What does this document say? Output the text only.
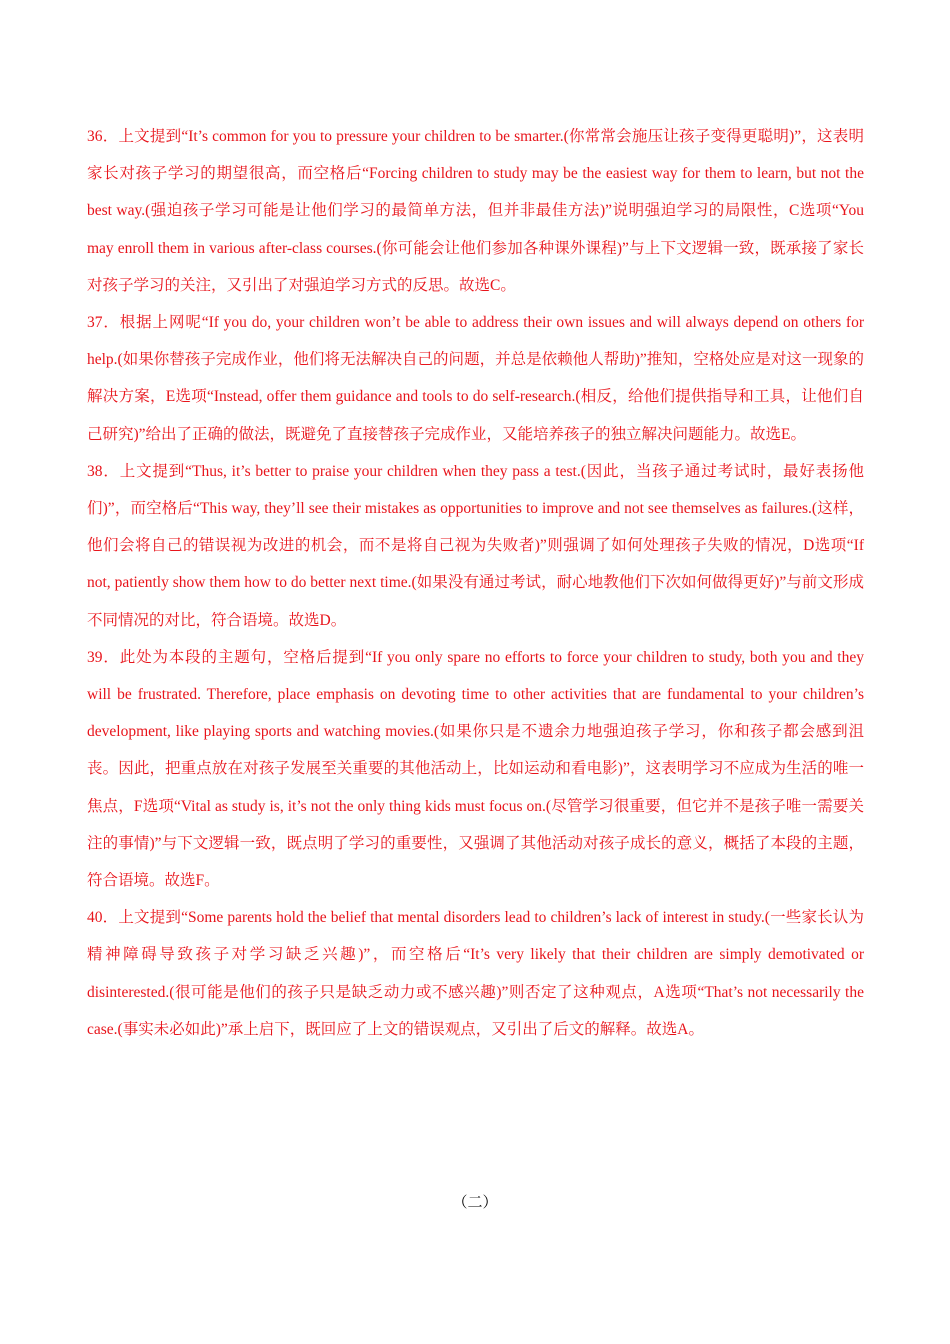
36．上文提到“It’s common for you to pressure your children to be smarter.(你常常会施压让孩子变得更聪明)”，这表明家长对孩子学习的期望很高，而空格后“Forcing children to study may be the easiest way for them to learn, but not the best way.(强迫孩子学习可能是让他们学习的最简单方法，但并非最佳方法)”说明强迫学习的局限性，C选项“You may enroll them in various after-class courses.(你可能会让他们参加各种课外课程)”与上下文逻辑一致，既承接了家长对孩子学习的关注，又引出了对强迫学习方式的反思。故选C。

37．根据上网呢“If you do, your children won’t be able to address their own issues and will always depend on others for help.(如果你替孩子完成作业，他们将无法解决自己的问题，并总是依赖他人帮助)”推知，空格处应是对这一现象的解决方案，E选项“Instead, offer them guidance and tools to do self-research.(相反，给他们提供指导和工具，让他们自己研究)”给出了正确的做法，既避免了直接替孩子完成作业，又能培养孩子的独立解决问题能力。故选E。

38．上文提到“Thus, it’s better to praise your children when they pass a test.(因此，当孩子通过考试时，最好表扬他们)”，而空格后“This way, they’ll see their mistakes as opportunities to improve and not see themselves as failures.(这样，他们会将自己的错误视为改进的机会，而不是将自己视为失败者)”则强调了如何处理孩子失败的情况，D选项“If not, patiently show them how to do better next time.(如果没有通过考试，耐心地教他们下次如何做得更好)”与前文形成不同情况的对比，符合语境。故选D。

39．此处为本段的主题句，空格后提到“If you only spare no efforts to force your children to study, both you and they will be frustrated. Therefore, place emphasis on devoting time to other activities that are fundamental to your children’s development, like playing sports and watching movies.(如果你只是不遗余力地强迫孩子学习，你和孩子都会感到沮丧。因此，把重点放在对孩子发展至关重要的其他活动上，比如运动和看电影)”，这表明学习不应成为生活的唯一焦点，F选项“Vital as study is, it’s not the only thing kids must focus on.(尽管学习很重要，但它并不是孩子唯一需要关注的事情)”与下文逻辑一致，既点明了学习的重要性，又强调了其他活动对孩子成长的意义，概括了本段的主题，符合语境。故选F。

40．上文提到“Some parents hold the belief that mental disorders lead to children’s lack of interest in study.(一些家长认为精神障碍导致孩子对学习缺乏兴趣)”，而空格后“It’s very likely that their children are simply demotivated or disinterested.(很可能是他们的孩子只是缺乏动力或不感兴趣)”则否定了这种观点，A选项“That’s not necessarily the case.(事实未必如此)”承上启下，既回应了上文的错误观点，又引出了后文的解释。故选A。

（二）
